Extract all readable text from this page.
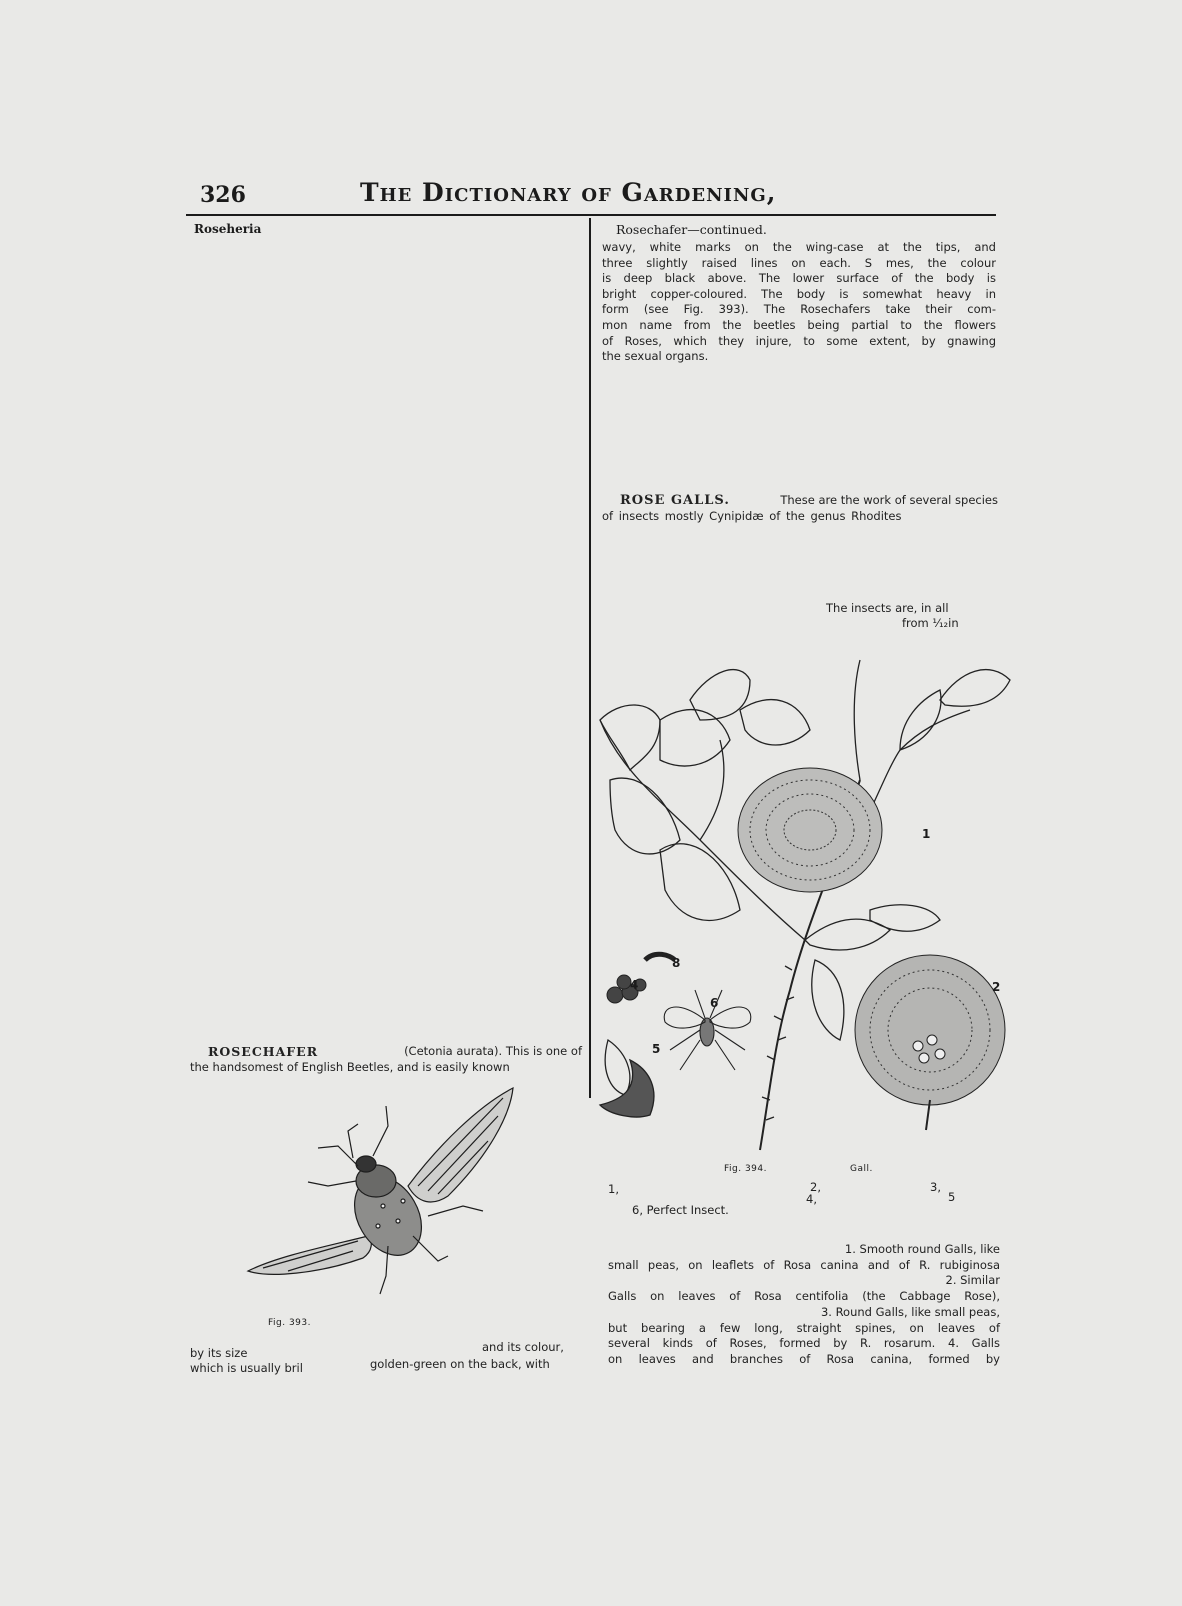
326	The Dictionary of Gardening,
Roseheria	Rosechafer—continued.
wavy, white marks on the wing-case at the tips, and
three slightly raised lines on each. S mes, the colour
is deep black above. The lower surface of the body is
bright copper-coloured. The body is somewhat heavy in
form (see Fig. 393). The Rosechafers take their com-
mon name from the beetles being partial to the flowers
of Roses, which they injure, to some extent, by gnawing
the sexual organs.
ROSE GALLS.	These are the work of several species
of insects mostly Cynipidæ of the genus Rhodites
The insects are, in all
from ¹⁄₁₂in
1
2
8
4
6
5
Fig. 394.	Gall.
1,	2,
4,
3,
5
6, Perfect Insect.
1. Smooth round Galls, like
small peas, on leaflets of Rosa canina and of R. rubiginosa
2. Similar
Galls on leaves of Rosa centifolia (the Cabbage Rose),
3. Round Galls, like small peas,
but bearing a few long, straight spines, on leaves of
several kinds of Roses, formed by R. rosarum. 4. Galls
on leaves and branches of Rosa canina, formed by
ROSECHAFER	(Cetonia aurata). This is one of
the handsomest of English Beetles, and is easily known
Fig. 393.
by its size	and its colour,
which is usually bril	golden-green on the back, with
